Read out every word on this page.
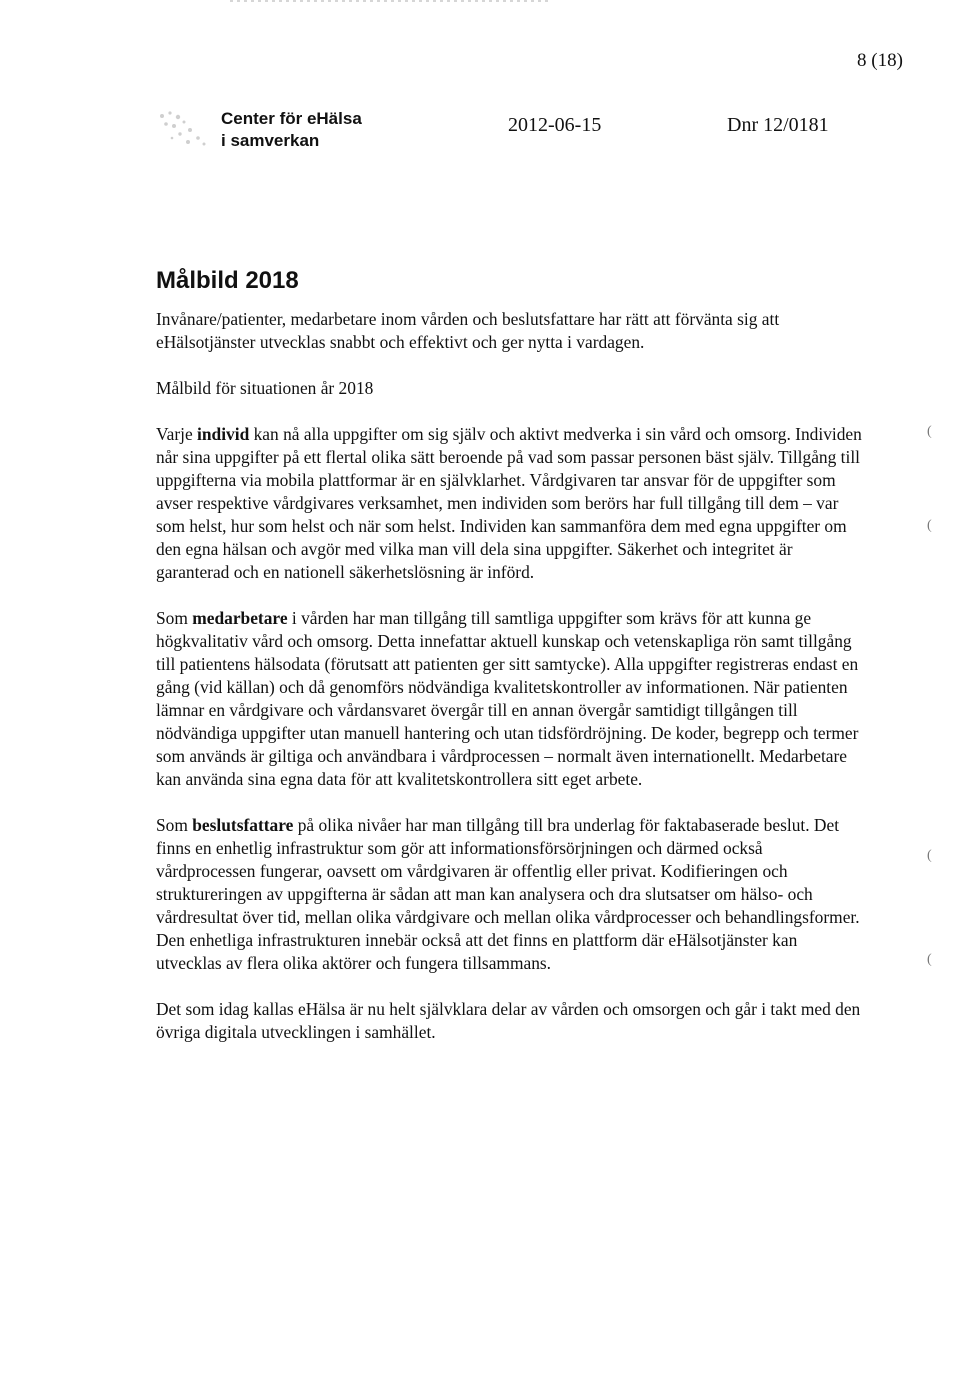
8 (18)
Center för eHälsa
i samverkan
2012-06-15	Dnr 12/0181
Målbild 2018

Invånare/patienter, medarbetare inom vården och beslutsfattare har rätt att förvänta sig att eHälsotjänster utvecklas snabbt och effektivt och ger nytta i vardagen.

Målbild för situationen år 2018

Varje individ kan nå alla uppgifter om sig själv och aktivt medverka i sin vård och omsorg. Individen når sina uppgifter på ett flertal olika sätt beroende på vad som passar personen bäst själv. Tillgång till uppgifterna via mobila plattformar är en självklarhet. Vårdgivaren tar ansvar för de uppgifter som avser respektive vårdgivares verksamhet, men individen som berörs har full tillgång till dem – var som helst, hur som helst och när som helst. Individen kan sammanföra dem med egna uppgifter om den egna hälsan och avgör med vilka man vill dela sina uppgifter. Säkerhet och integritet är garanterad och en nationell säkerhetslösning är införd.

Som medarbetare i vården har man tillgång till samtliga uppgifter som krävs för att kunna ge högkvalitativ vård och omsorg. Detta innefattar aktuell kunskap och vetenskapliga rön samt tillgång till patientens hälsodata (förutsatt att patienten ger sitt samtycke). Alla uppgifter registreras endast en gång (vid källan) och då genomförs nödvändiga kvalitetskontroller av informationen. När patienten lämnar en vårdgivare och vårdansvaret övergår till en annan övergår samtidigt tillgången till nödvändiga uppgifter utan manuell hantering och utan tidsfördröjning. De koder, begrepp och termer som används är giltiga och användbara i vårdprocessen – normalt även internationellt. Medarbetare kan använda sina egna data för att kvalitetskontrollera sitt eget arbete.

Som beslutsfattare på olika nivåer har man tillgång till bra underlag för faktabaserade beslut. Det finns en enhetlig infrastruktur som gör att informationsförsörjningen och därmed också vårdprocessen fungerar, oavsett om vårdgivaren är offentlig eller privat. Kodifieringen och struktureringen av uppgifterna är sådan att man kan analysera och dra slutsatser om hälso- och vårdresultat över tid, mellan olika vårdgivare och mellan olika vårdprocesser och behandlingsformer. Den enhetliga infrastrukturen innebär också att det finns en plattform där eHälsotjänster kan utvecklas av flera olika aktörer och fungera tillsammans.

Det som idag kallas eHälsa är nu helt självklara delar av vården och omsorgen och går i takt med den övriga digitala utvecklingen i samhället.

(
(
(
(
